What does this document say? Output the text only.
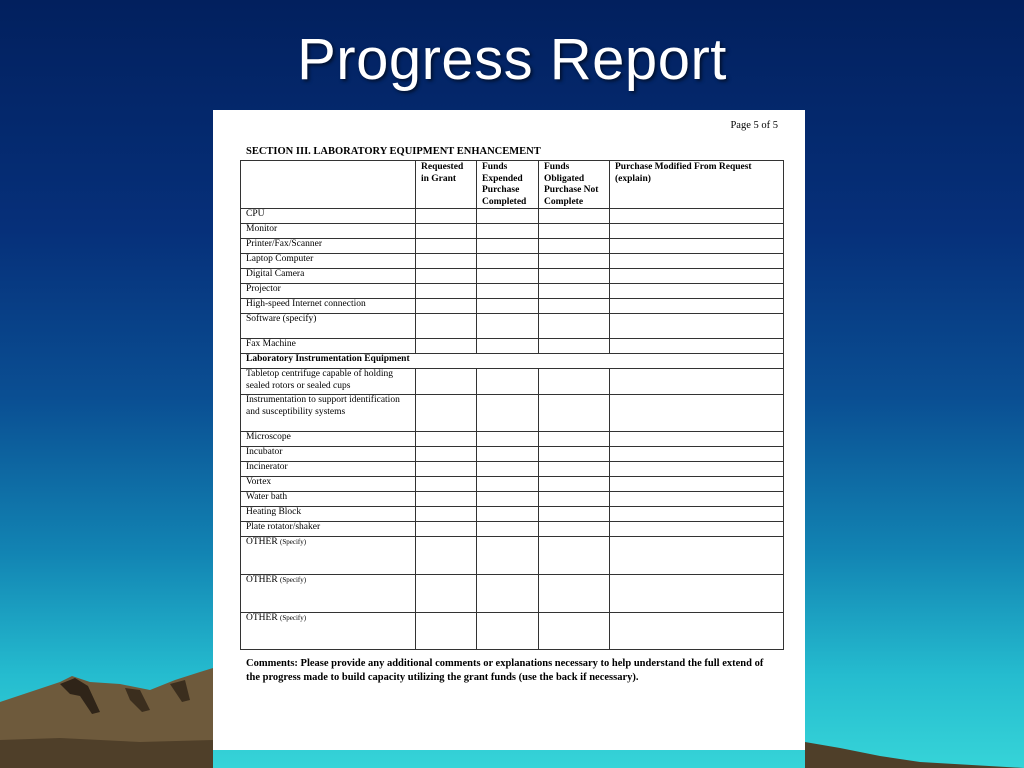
Progress Report
Page 5 of 5
SECTION III. LABORATORY EQUIPMENT ENHANCEMENT
	Requested in Grant	Funds Expended Purchase Completed	Funds Obligated Purchase Not Complete	Purchase Modified From Request (explain)
CPU				
Monitor				
Printer/Fax/Scanner				
Laptop Computer				
Digital Camera				
Projector				
High-speed Internet connection				
Software (specify)				
Fax Machine				
Laboratory Instrumentation Equipment				
Tabletop centrifuge capable of holding sealed rotors or sealed cups				
Instrumentation to support identification and susceptibility systems				
Microscope				
Incubator				
Incinerator				
Vortex				
Water bath				
Heating Block				
Plate rotator/shaker				
OTHER (Specify)				
OTHER (Specify)				
OTHER (Specify)				
Comments: Please provide any additional comments or explanations necessary to help understand the full extend of the progress made to build capacity utilizing the grant funds (use the back if necessary).
